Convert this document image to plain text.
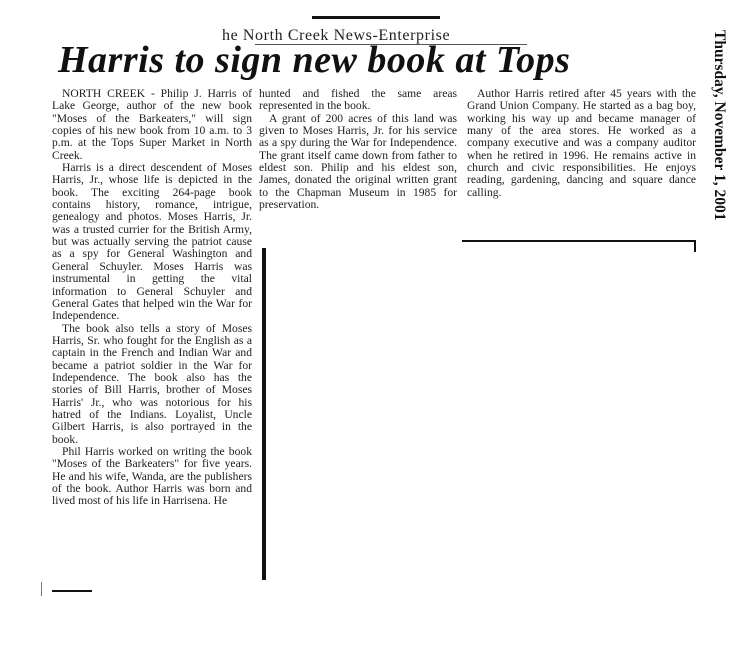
he North Creek News-Enterprise
Harris to sign new book at Tops	Thursday, November 1, 2001

NORTH CREEK - Philip J. Harris of Lake George, author of the new book "Moses of the Barkeaters," will sign copies of his new book from 10 a.m. to 3 p.m. at the Tops Super Market in North Creek.

Harris is a direct descendent of Moses Harris, Jr., whose life is depicted in the book. The exciting 264-page book contains history, romance, intrigue, genealogy and photos. Moses Harris, Jr. was a trusted currier for the British Army, but was actually serving the patriot cause as a spy for General Washington and General Schuyler. Moses Harris was instrumental in getting the vital information to General Schuyler and General Gates that helped win the War for Independence.

The book also tells a story of Moses Harris, Sr. who fought for the English as a captain in the French and Indian War and became a patriot soldier in the War for Independence. The book also has the stories of Bill Harris, brother of Moses Harris' Jr., who was notorious for his hatred of the Indians. Loyalist, Uncle Gilbert Harris, is also portrayed in the book.

Phil Harris worked on writing the book "Moses of the Barkeaters" for five years. He and his wife, Wanda, are the publishers of the book. Author Harris was born and lived most of his life in Harrisena. He

hunted and fished the same areas represented in the book.

A grant of 200 acres of this land was given to Moses Harris, Jr. for his service as a spy during the War for Independence. The grant itself came down from father to eldest son. Philip and his eldest son, James, donated the original written grant to the Chapman Museum in 1985 for preservation.

Author Harris retired after 45 years with the Grand Union Company. He started as a bag boy, working his way up and became manager of many of the area stores. He worked as a company executive and was a company auditor when he retired in 1996. He remains active in church and civic responsibilities. He enjoys reading, gardening, dancing and square dance calling.
